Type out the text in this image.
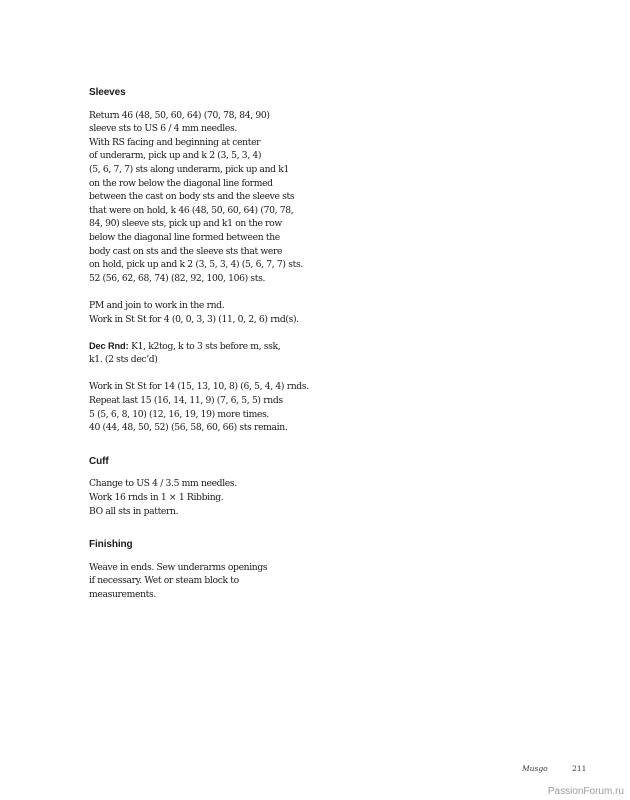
Sleeves

Return 46 (48, 50, 60, 64) (70, 78, 84, 90)
sleeve sts to US 6 / 4 mm needles.
With RS facing and beginning at center
of underarm, pick up and k 2 (3, 5, 3, 4)
(5, 6, 7, 7) sts along underarm, pick up and k1
on the row below the diagonal line formed
between the cast on body sts and the sleeve sts
that were on hold, k 46 (48, 50, 60, 64) (70, 78,
84, 90) sleeve sts, pick up and k1 on the row
below the diagonal line formed between the
body cast on sts and the sleeve sts that were
on hold, pick up and k 2 (3, 5, 3, 4) (5, 6, 7, 7) sts.
52 (56, 62, 68, 74) (82, 92, 100, 106) sts.

PM and join to work in the rnd.
Work in St St for 4 (0, 0, 3, 3) (11, 0, 2, 6) rnd(s).

Dec Rnd: K1, k2tog, k to 3 sts before m, ssk,
k1. (2 sts dec’d)

Work in St St for 14 (15, 13, 10, 8) (6, 5, 4, 4) rnds.
Repeat last 15 (16, 14, 11, 9) (7, 6, 5, 5) rnds
5 (5, 6, 8, 10) (12, 16, 19, 19) more times.
40 (44, 48, 50, 52) (56, 58, 60, 66) sts remain.

Cuff

Change to US 4 / 3.5 mm needles.
Work 16 rnds in 1 × 1 Ribbing.
BO all sts in pattern.

Finishing

Weave in ends. Sew underarms openings
if necessary. Wet or steam block to
measurements.

Musgo	211
PassionForum.ru
